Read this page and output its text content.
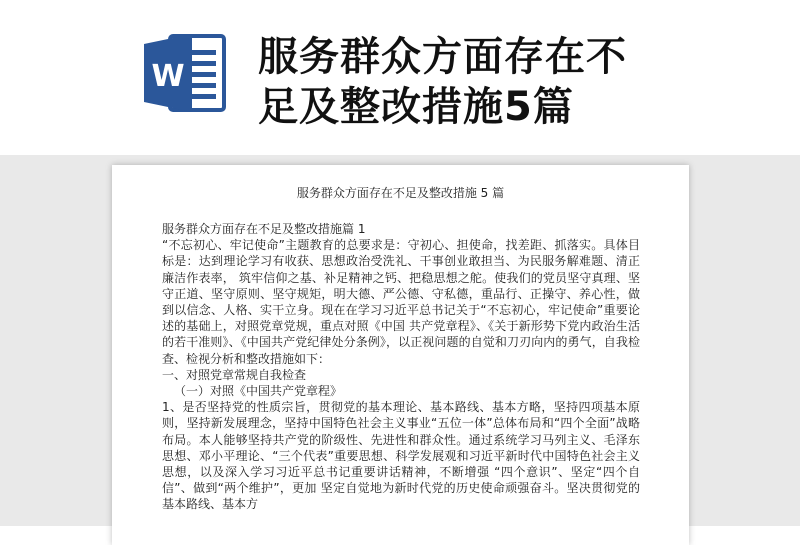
W 服务群众方面存在不
足及整改措施5篇
服务群众方面存在不足及整改措施 5 篇

服务群众方面存在不足及整改措施篇 1

“不忘初心、牢记使命”主题教育的总要求是：守初心、担使命，找差距、抓落实。具体目标是：达到理论学习有收获、思想政治受洗礼、干事创业敢担当、为民服务解难题、清正廉洁作表率， 筑牢信仰之基、补足精神之钙、把稳思想之舵。使我们的党员坚守真理、坚守正道、坚守原则、坚守规矩，明大德、严公德、守私德，重品行、正操守、养心性，做到以信念、人格、实干立身。现在在学习习近平总书记关于“不忘初心，牢记使命”重要论述的基础上，对照党章党规，重点对照《中国 共产党章程》、《关于新形势下党内政治生活的若干准则》、《中国共产党纪律处分条例》，以正视问题的自觉和刀刃向内的勇气，自我检查、检视分析和整改措施如下：

一、对照党章常规自我检查

（一）对照《中国共产党章程》

1、是否坚持党的性质宗旨，贯彻党的基本理论、基本路线、基本方略，坚持四项基本原则，坚持新发展理念，坚持中国特色社会主义事业“五位一体”总体布局和“四个全面”战略布局。本人能够坚持共产党的阶级性、先进性和群众性。通过系统学习马列主义、毛泽东思想、邓小平理论、“三个代表”重要思想、科学发展观和习近平新时代中国特色社会主义思想，以及深入学习习近平总书记重要讲话精神，不断增强 “四个意识”、坚定“四个自信”、做到“两个维护”，更加 坚定自觉地为新时代党的历史使命顽强奋斗。坚决贯彻党的基本路线、基本方
